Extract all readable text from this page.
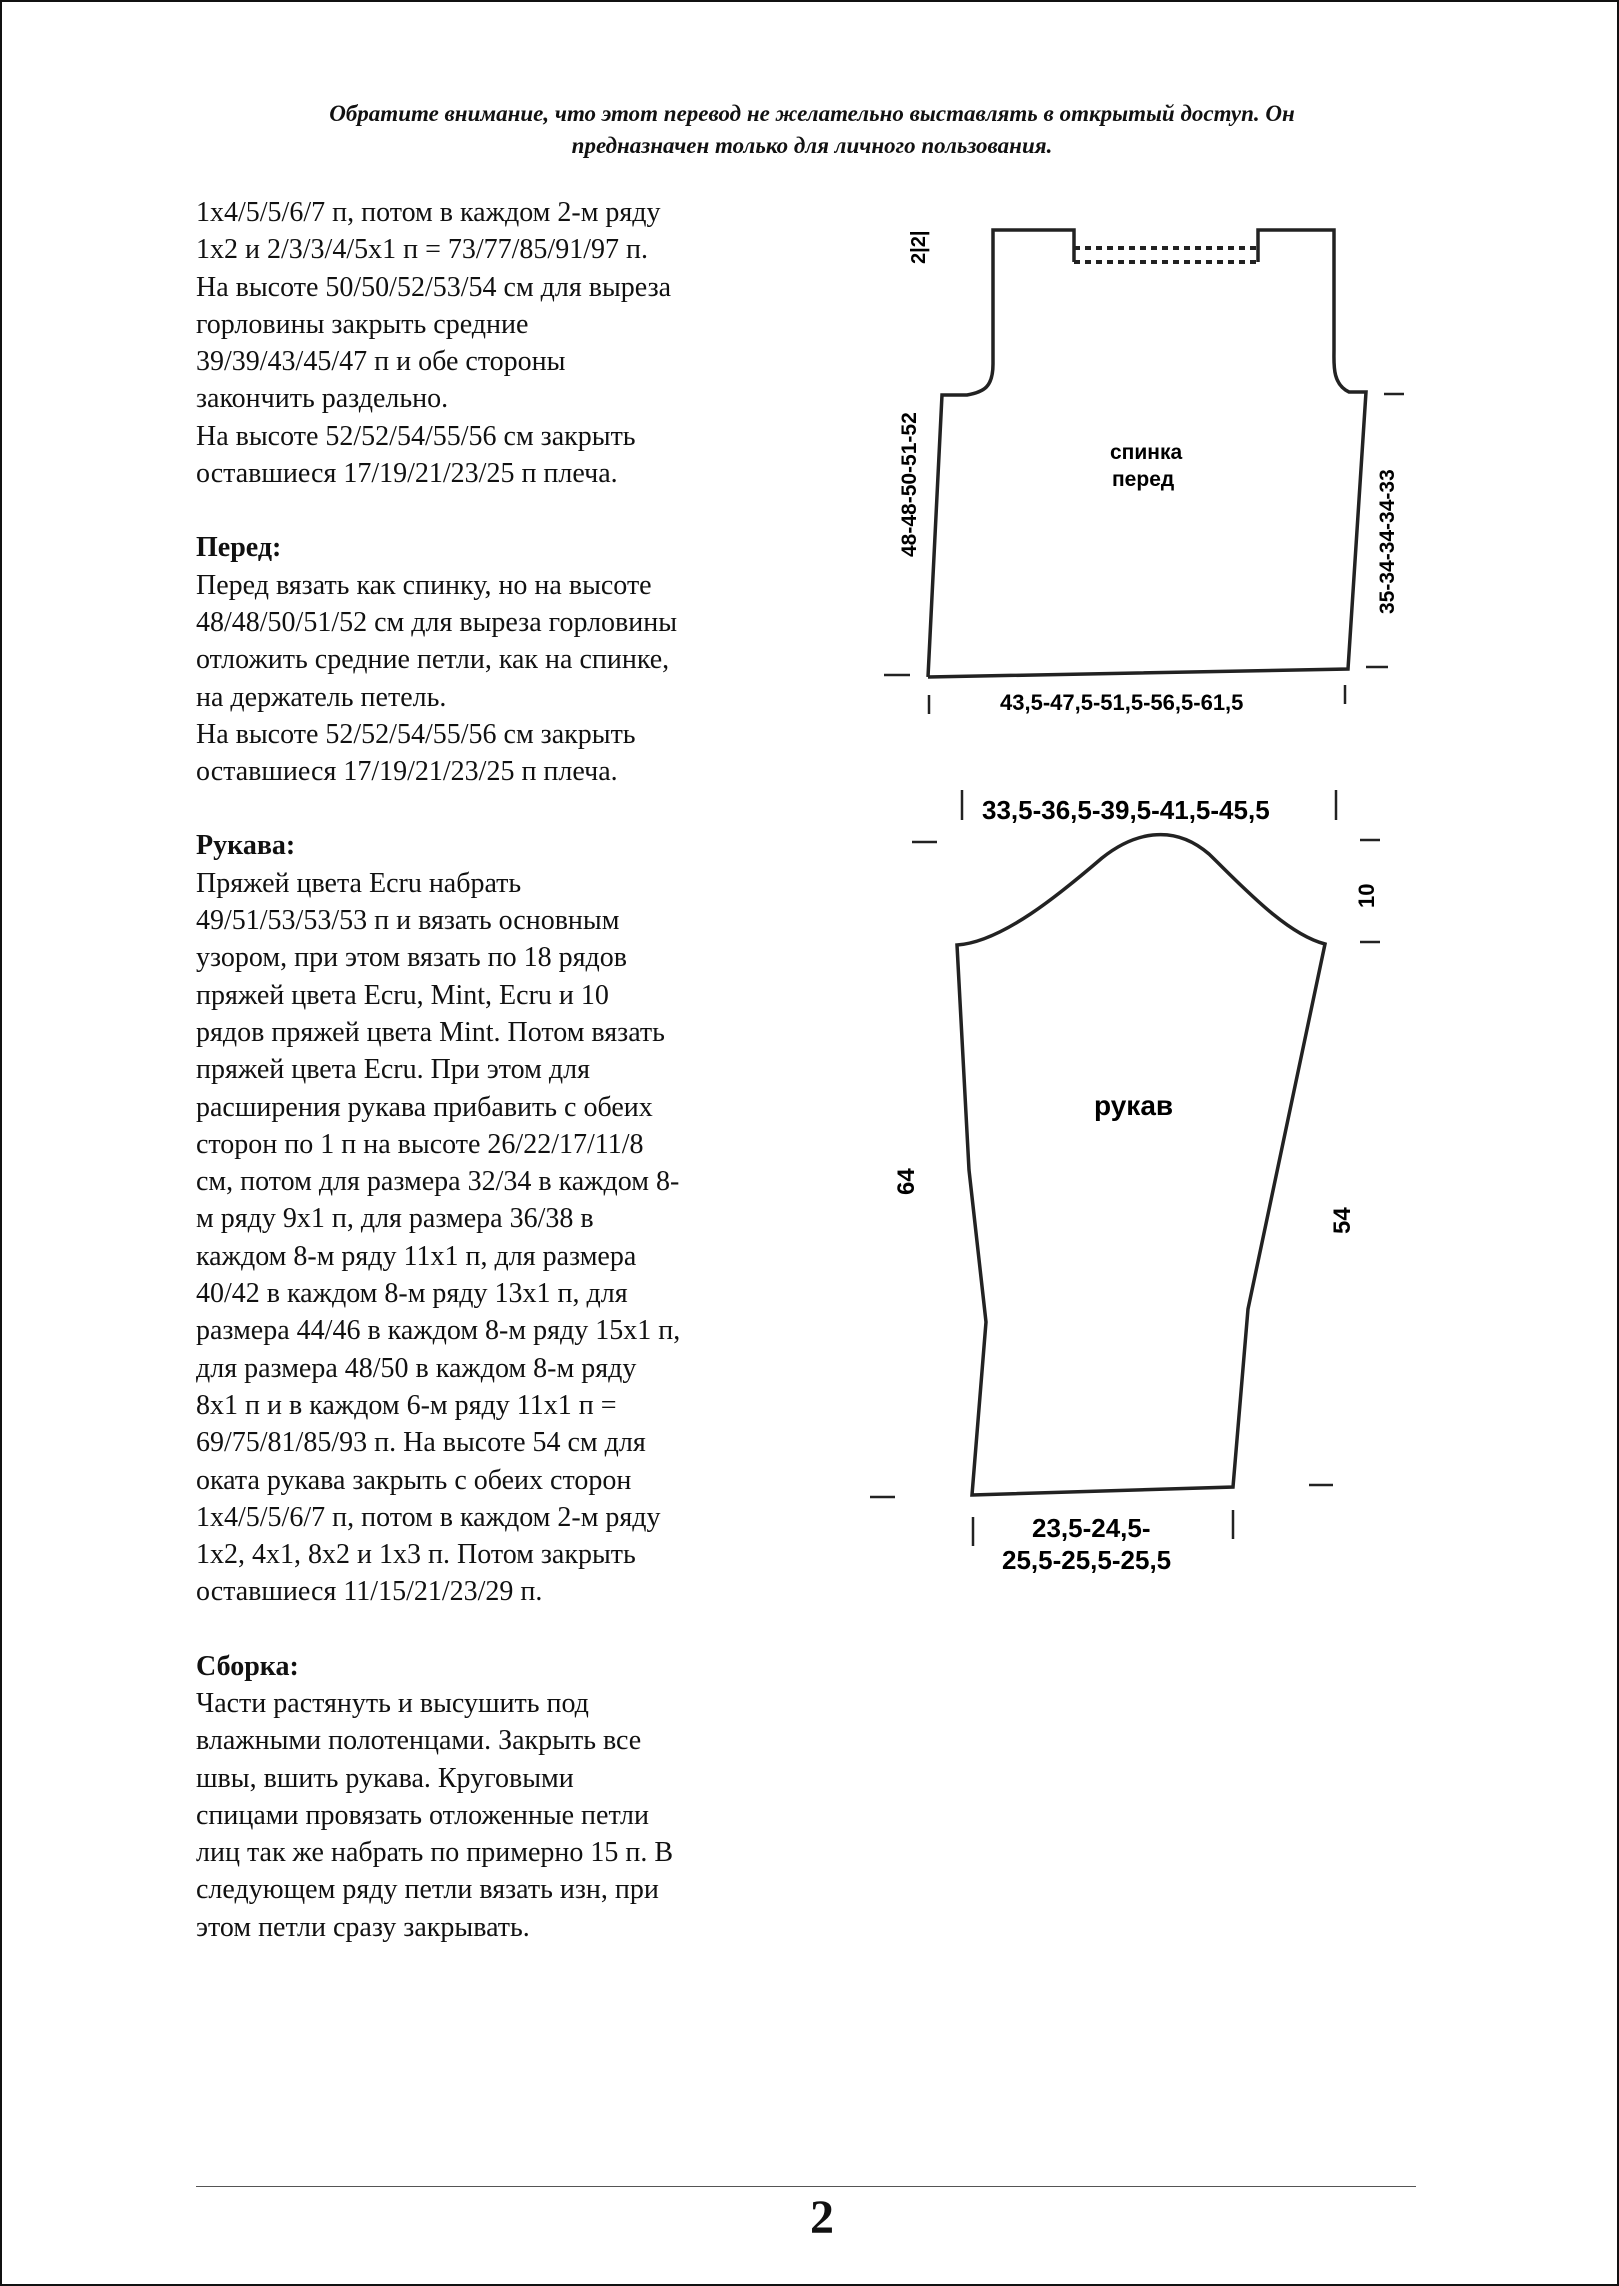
Обратите внимание, что этот перевод не желательно выставлять в открытый доступ. Он
предназначен только для личного пользования.

1х4/5/5/6/7 п, потом в каждом 2-м ряду

1х2 и 2/3/3/4/5х1 п = 73/77/85/91/97 п.

На высоте 50/50/52/53/54 см для выреза

горловины закрыть средние

39/39/43/45/47 п и обе стороны

закончить раздельно.

На высоте 52/52/54/55/56 см закрыть

оставшиеся 17/19/21/23/25 п плеча.

Перед:

Перед вязать как спинку, но на высоте

48/48/50/51/52 см для выреза горловины

отложить средние петли, как на спинке,

на держатель петель.

На высоте 52/52/54/55/56 см закрыть

оставшиеся 17/19/21/23/25 п плеча.

Рукава:

Пряжей цвета Ecru набрать

49/51/53/53/53 п и вязать основным

узором, при этом вязать по 18 рядов

пряжей цвета Ecru, Mint, Ecru и 10

рядов пряжей цвета Mint. Потом вязать

пряжей цвета Ecru. При этом для

расширения рукава прибавить с обеих

сторон по 1 п на высоте 26/22/17/11/8

см, потом для размера 32/34 в каждом 8-

м ряду 9х1 п, для размера 36/38 в

каждом 8-м ряду 11х1 п, для размера

40/42 в каждом 8-м ряду 13х1 п, для

размера 44/46 в каждом 8-м ряду 15х1 п,

для размера 48/50 в каждом 8-м ряду

8х1 п и в каждом 6-м ряду 11х1 п =

69/75/81/85/93 п. На высоте 54 см для

оката рукава закрыть с обеих сторон

1х4/5/5/6/7 п, потом в каждом 2-м ряду

1х2, 4х1, 8х2 и 1х3 п. Потом закрыть

оставшиеся 11/15/21/23/29 п.

Сборка:

Части растянуть и высушить под

влажными полотенцами. Закрыть все

швы, вшить рукава. Круговыми

спицами провязать отложенные петли

лиц так же набрать по примерно 15 п. В

следующем ряду петли вязать изн, при

этом петли сразу закрывать.

спинка
перед
2|2|
48-48-50-51-52	35-34-34-34-33
43,5-47,5-51,5-56,5-61,5
рукав
33,5-36,5-39,5-41,5-45,5
10
64
54
23,5-24,5-
25,5-25,5-25,5
2
